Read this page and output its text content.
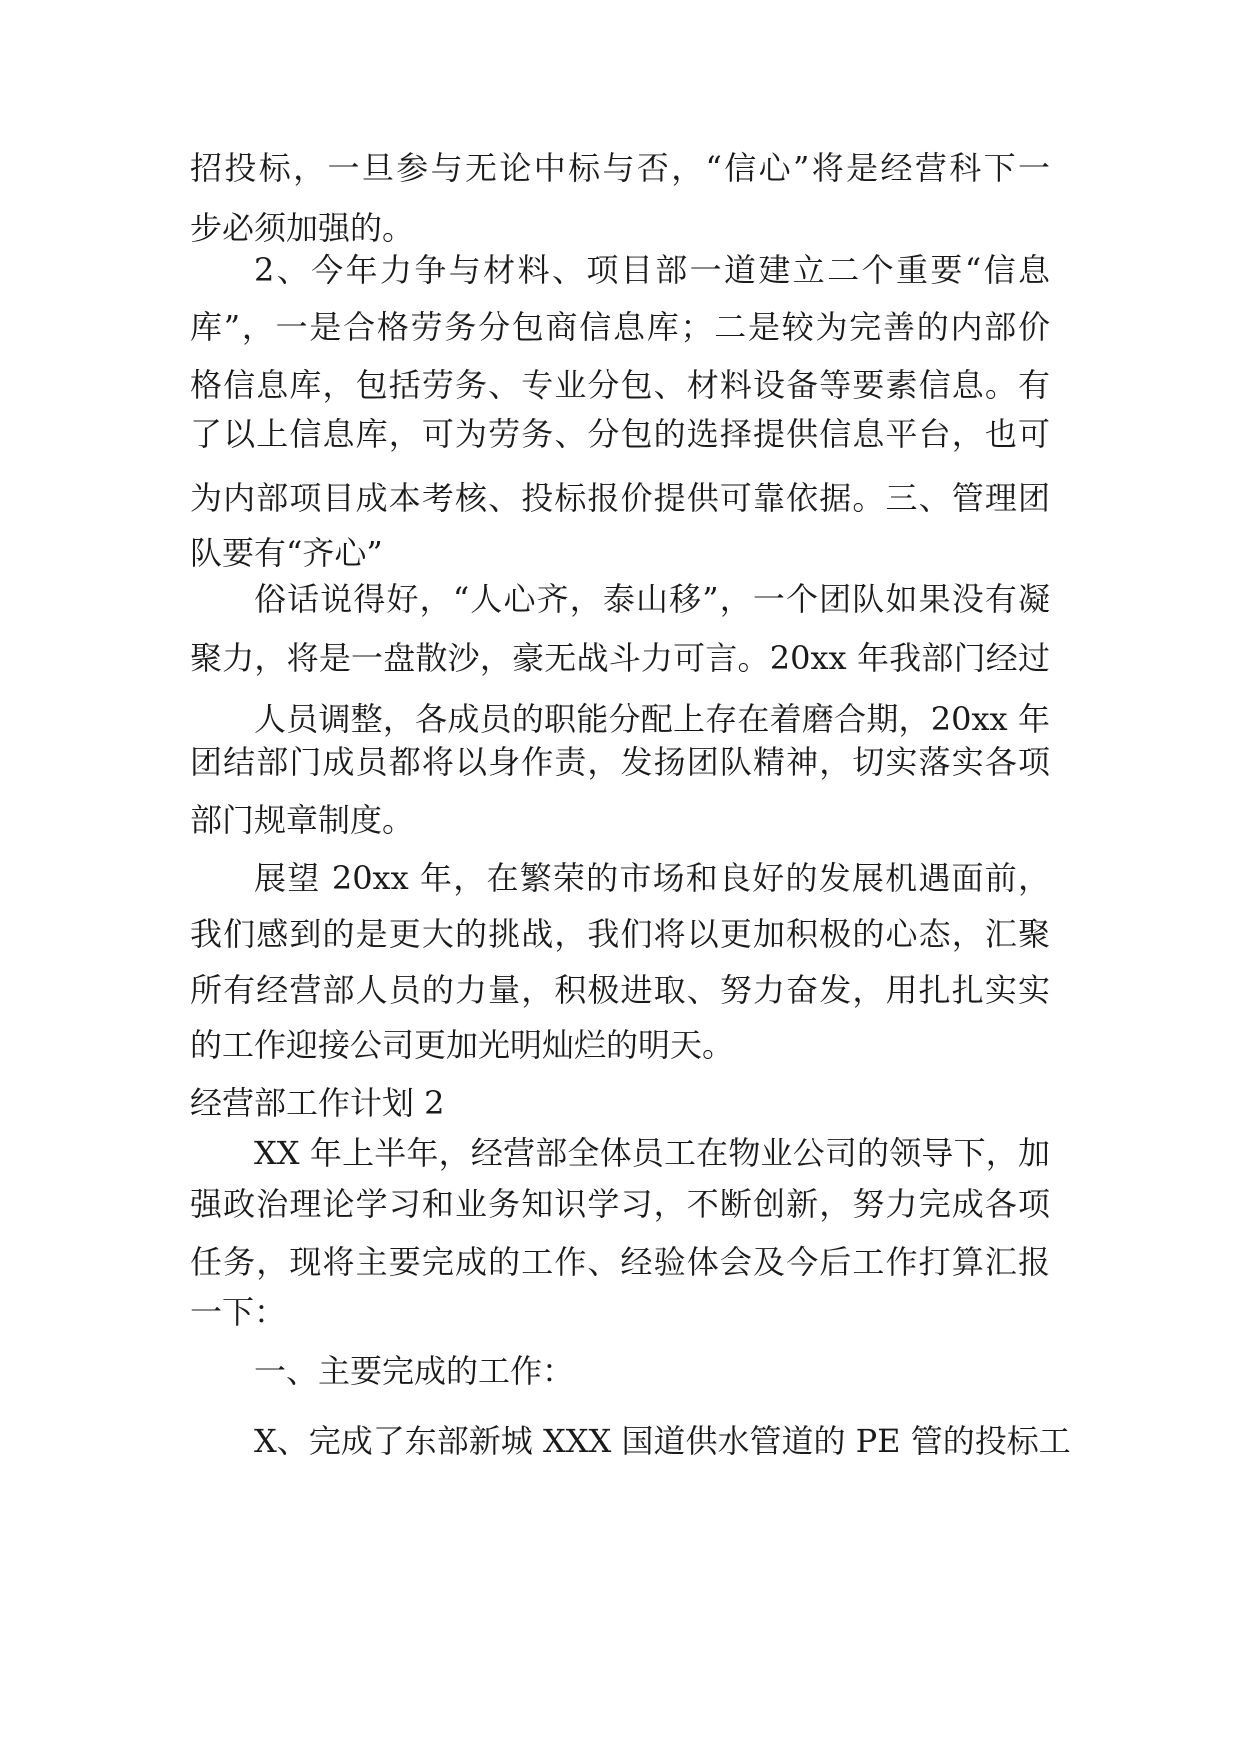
招投标，一旦参与无论中标与否，“信心”将是经营科下一
步必须加强的。
2、今年力争与材料、项目部一道建立二个重要“信息
库”，一是合格劳务分包商信息库；二是较为完善的内部价
格信息库，包括劳务、专业分包、材料设备等要素信息。有
了以上信息库，可为劳务、分包的选择提供信息平台，也可
为内部项目成本考核、投标报价提供可靠依据。三、管理团
队要有“齐心”
俗话说得好，“人心齐，泰山移”，一个团队如果没有凝
聚力，将是一盘散沙，豪无战斗力可言。20xx 年我部门经过
人员调整，各成员的职能分配上存在着磨合期，20xx 年
团结部门成员都将以身作责，发扬团队精神，切实落实各项
部门规章制度。
展望 20xx 年，在繁荣的市场和良好的发展机遇面前，
我们感到的是更大的挑战，我们将以更加积极的心态，汇聚
所有经营部人员的力量，积极进取、努力奋发，用扎扎实实
的工作迎接公司更加光明灿烂的明天。
经营部工作计划 2
XX 年上半年，经营部全体员工在物业公司的领导下，加
强政治理论学习和业务知识学习，不断创新，努力完成各项
任务，现将主要完成的工作、经验体会及今后工作打算汇报
一下：
一、主要完成的工作：
X、完成了东部新城 XXX 国道供水管道的 PE 管的投标工
